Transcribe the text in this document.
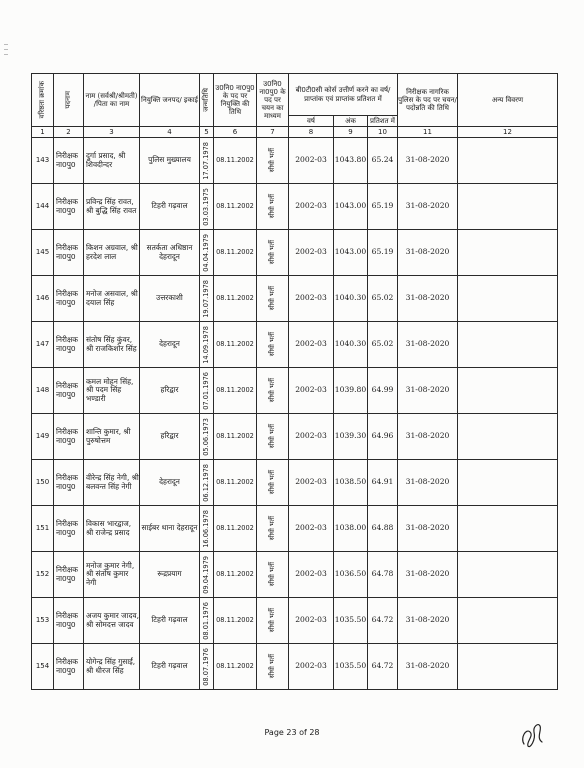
वरिष्ठता क्रमांक	पदनाम	नाम (सर्वश्री/श्रीमती) /पिता का नाम	नियुक्ति जनपद/ इकाई	जन्मतिथि	उ0नि0 ना0पु0 के पद पर नियुक्ति की तिथि	उ0नि0 ना0पु0 के पद पर चयन का माध्यम	बी0टी0सी कोर्स उत्तीर्ण करने का वर्ष/प्राप्तांक एवं प्राप्तांक प्रतिशत में			निरीक्षक नागरिक पुलिस के पद पर चयन/पदोन्नति की तिथि	अन्य विवरण
							वर्ष	अंक	प्रतिशत में		
1	2	3	4	5	6	7	8	9	10	11	12
143	निरीक्षक ना0पु0	दुर्गा प्रसाद, श्री शिवदीन्दर	पुलिस मुख्यालय	17.07.1978	08.11.2002	सीधी भर्ती	2002-03	1043.80	65.24	31-08-2020	
144	निरीक्षक ना0पु0	प्रविन्द्र सिंह रावत, श्री बुद्धि सिंह रावत	टिहरी गढ़वाल	03.03.1975	08.11.2002	सीधी भर्ती	2002-03	1043.00	65.19	31-08-2020	
145	निरीक्षक ना0पु0	किशन अग्रवाल, श्री हरदेश लाल	सतर्कता अधिष्ठान देहरादून	04.04.1979	08.11.2002	सीधी भर्ती	2002-03	1043.00	65.19	31-08-2020	
146	निरीक्षक ना0पु0	मनोज असवाल, श्री दयाल सिंह	उत्तरकाशी	19.07.1978	08.11.2002	सीधी भर्ती	2002-03	1040.30	65.02	31-08-2020	
147	निरीक्षक ना0पु0	संतोष सिंह कुंवर, श्री राजकिशोर सिंह	देहरादून	14.09.1978	08.11.2002	सीधी भर्ती	2002-03	1040.30	65.02	31-08-2020	
148	निरीक्षक ना0पु0	कमल मोहन सिंह, श्री पदम सिंह भण्डारी	हरिद्वार	07.01.1976	08.11.2002	सीधी भर्ती	2002-03	1039.80	64.99	31-08-2020	
149	निरीक्षक ना0पु0	शान्ति कुमार, श्री पुरुषोत्तम	हरिद्वार	05.06.1973	08.11.2002	सीधी भर्ती	2002-03	1039.30	64.96	31-08-2020	
150	निरीक्षक ना0पु0	वीरेन्द्र सिंह नेगी, श्री बलवन्त सिंह नेगी	देहरादून	06.12.1978	08.11.2002	सीधी भर्ती	2002-03	1038.50	64.91	31-08-2020	
151	निरीक्षक ना0पु0	विकास भारद्वाज, श्री राजेन्द्र प्रसाद	साईबर थाना देहरादून	16.06.1978	08.11.2002	सीधी भर्ती	2002-03	1038.00	64.88	31-08-2020	
152	निरीक्षक ना0पु0	मनोज कुमार नेगी, श्री संतोष कुमार नेगी	रूद्रप्रयाग	09.04.1979	08.11.2002	सीधी भर्ती	2002-03	1036.50	64.78	31-08-2020	
153	निरीक्षक ना0पु0	अजय कुमार जादव, श्री सोमदत्त जादव	टिहरी गढ़वाल	08.01.1976	08.11.2002	सीधी भर्ती	2002-03	1035.50	64.72	31-08-2020	
154	निरीक्षक ना0पु0	योगेन्द्र सिंह गुसाईं, श्री धीरज सिंह	टिहरी गढ़वाल	08.07.1976	08.11.2002	सीधी भर्ती	2002-03	1035.50	64.72	31-08-2020	
Page 23 of 28
